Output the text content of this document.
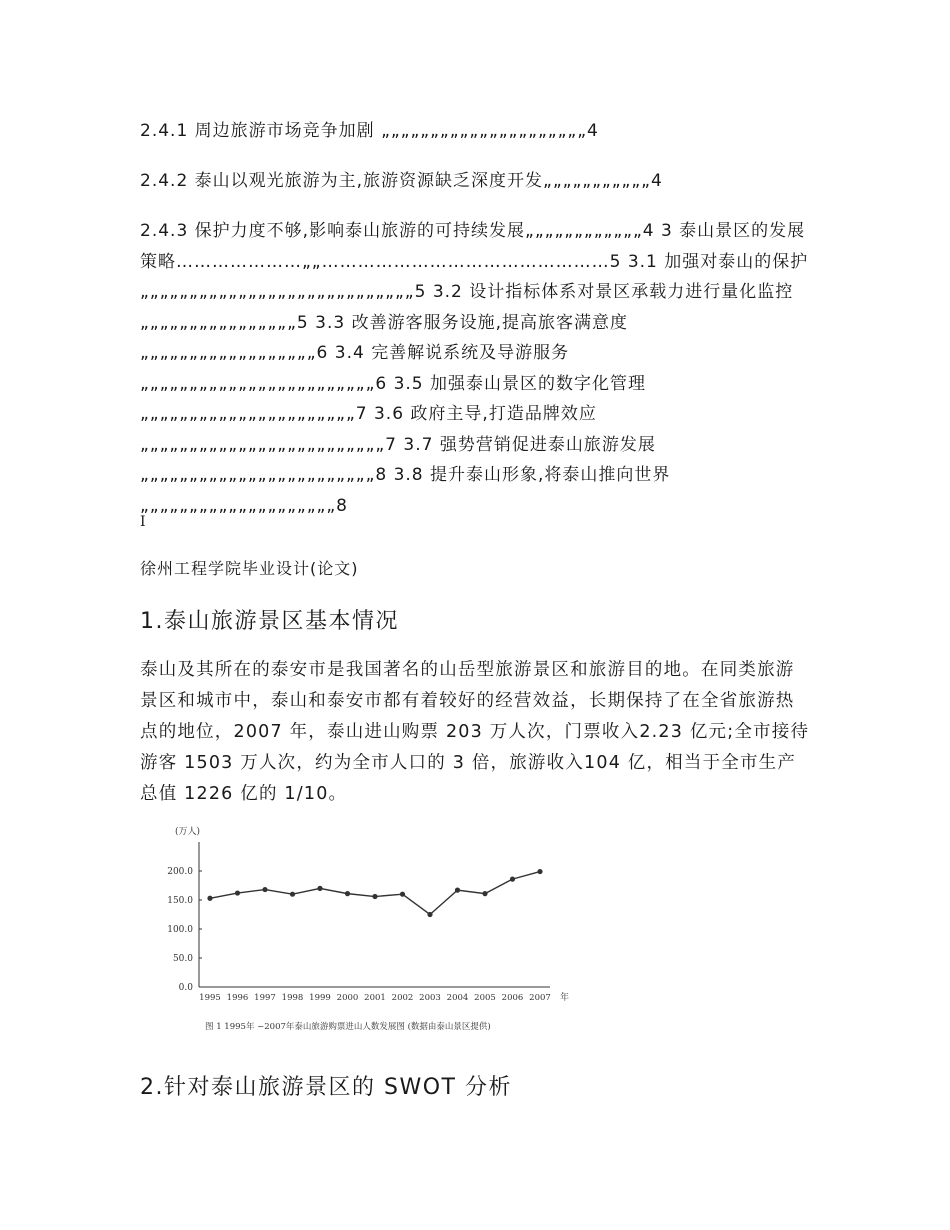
2.4.1 周边旅游市场竞争加剧 „„„„„„„„„„„„„„„„„„„„„4
2.4.2 泰山以观光旅游为主,旅游资源缺乏深度开发„„„„„„„„„„„4
2.4.3 保护力度不够,影响泰山旅游的可持续发展„„„„„„„„„„„„4 3 泰山景区的发展策略…………………„„…………………………………………5 3.1 加强对泰山的保护„„„„„„„„„„„„„„„„„„„„„„„„„„„„5 3.2 设计指标体系对景区承载力进行量化监控„„„„„„„„„„„„„„„„5 3.3 改善游客服务设施,提高旅客满意度 „„„„„„„„„„„„„„„„„„6 3.4 完善解说系统及导游服务„„„„„„„„„„„„„„„„„„„„„„„„6 3.5 加强泰山景区的数字化管理„„„„„„„„„„„„„„„„„„„„„„7 3.6 政府主导,打造品牌效应 „„„„„„„„„„„„„„„„„„„„„„„„„7 3.7 强势营销促进泰山旅游发展„„„„„„„„„„„„„„„„„„„„„„„„8 3.8 提升泰山形象,将泰山推向世界 „„„„„„„„„„„„„„„„„„„„8
I
徐州工程学院毕业设计(论文)
1.泰山旅游景区基本情况
泰山及其所在的泰安市是我国著名的山岳型旅游景区和旅游目的地。在同类旅游景区和城市中，泰山和泰安市都有着较好的经营效益，长期保持了在全省旅游热点的地位，2007 年，泰山进山购票 203 万人次，门票收入2.23 亿元;全市接待游客 1503 万人次，约为全市人口的 3 倍，旅游收入104 亿，相当于全市生产总值 1226 亿的 1/10。
(万人)
0.0
50.0
100.0
150.0
200.0
1995 1996 1997 1998 1999 2000 2001 2002 2003 2004 2005 2006 2007 年
图 1 1995年 ~2007年泰山旅游购票进山人数发展图 (数据由泰山景区提供)
2.针对泰山旅游景区的 SWOT 分析
